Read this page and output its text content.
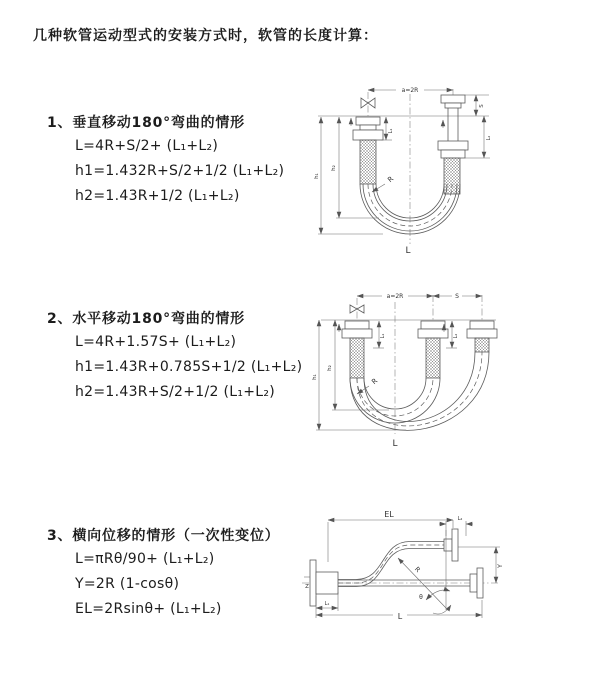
几种软管运动型式的安装方式时，软管的长度计算：
1、垂直移动180°弯曲的情形
L=4R+S/2+ (L₁+L₂)
h1=1.432R+S/2+1/2 (L₁+L₂)
h2=1.43R+1/2 (L₁+L₂)
2、水平移动180°弯曲的情形
L=4R+1.57S+ (L₁+L₂)
h1=1.43R+0.785S+1/2 (L₁+L₂)
h2=1.43R+S/2+1/2 (L₁+L₂)
3、横向位移的情形（一次性变位）
L=πRθ/90+ (L₁+L₂)
Y=2R (1-cosθ)
EL=2Rsinθ+ (L₁+L₂)
a=2R
L₁
S
L₂
h₁
h₂
R
L
a=2R	S
L₁	L₂
h₁
h₂
R
L
Z
EL	L₂
Y
R
θ
L₁
L
